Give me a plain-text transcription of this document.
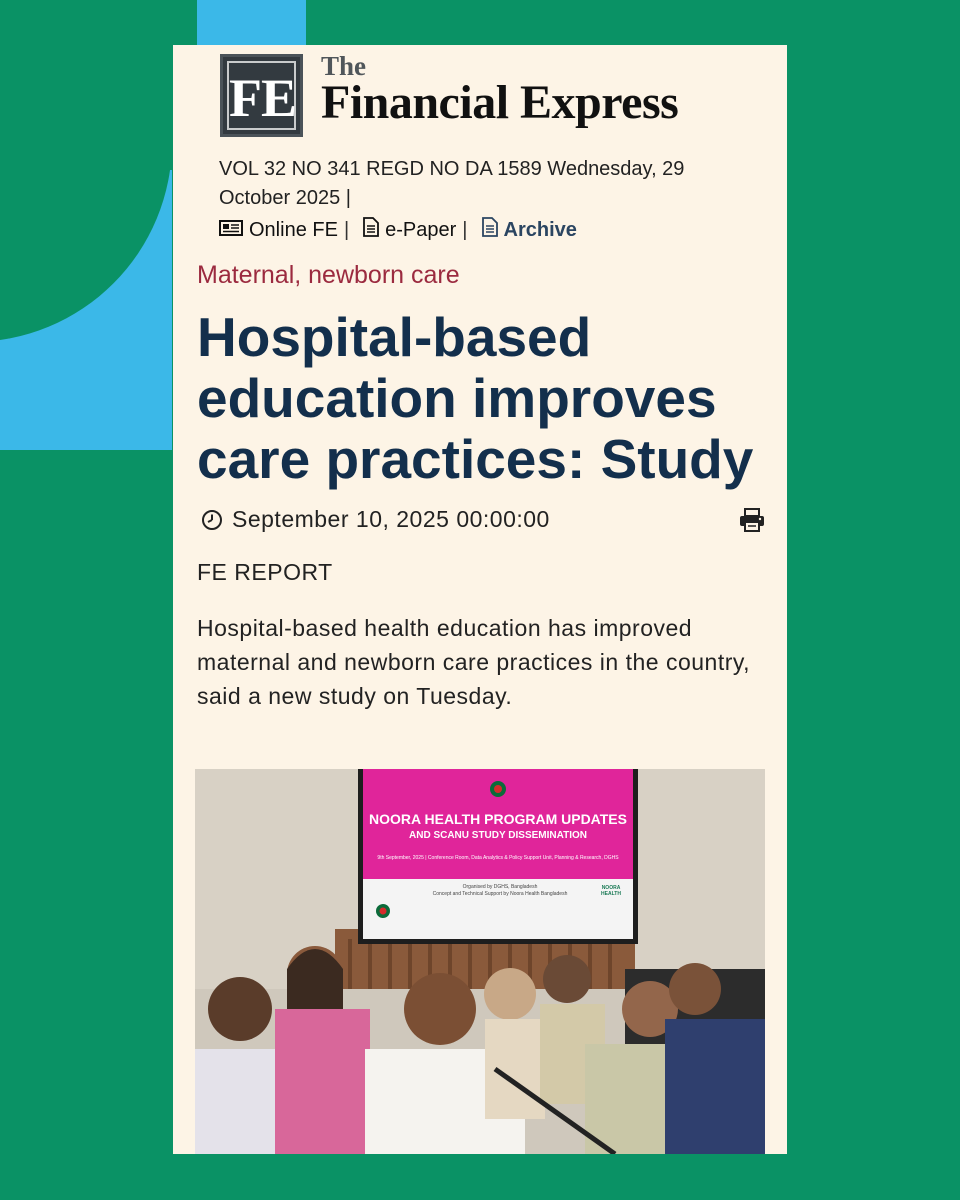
FE
The
Financial Express
VOL 32 NO 341 REGD NO DA 1589 Wednesday, 29 October 2025 |
Online FE | e-Paper | Archive
Maternal, newborn care
Hospital-based education improves care practices: Study
September 10, 2025 00:00:00
FE REPORT

Hospital-based health education has improved maternal and newborn care practices in the country, said a new study on Tuesday.

NOORA HEALTH PROGRAM UPDATES
AND SCANU STUDY DISSEMINATION
9th September, 2025 | Conference Room, Data Analytics & Policy Support Unit, Planning & Research, DGHS
Organised by DGHS, Bangladesh
Concept and Technical Support by Noora Health Bangladesh
NOORA HEALTH
